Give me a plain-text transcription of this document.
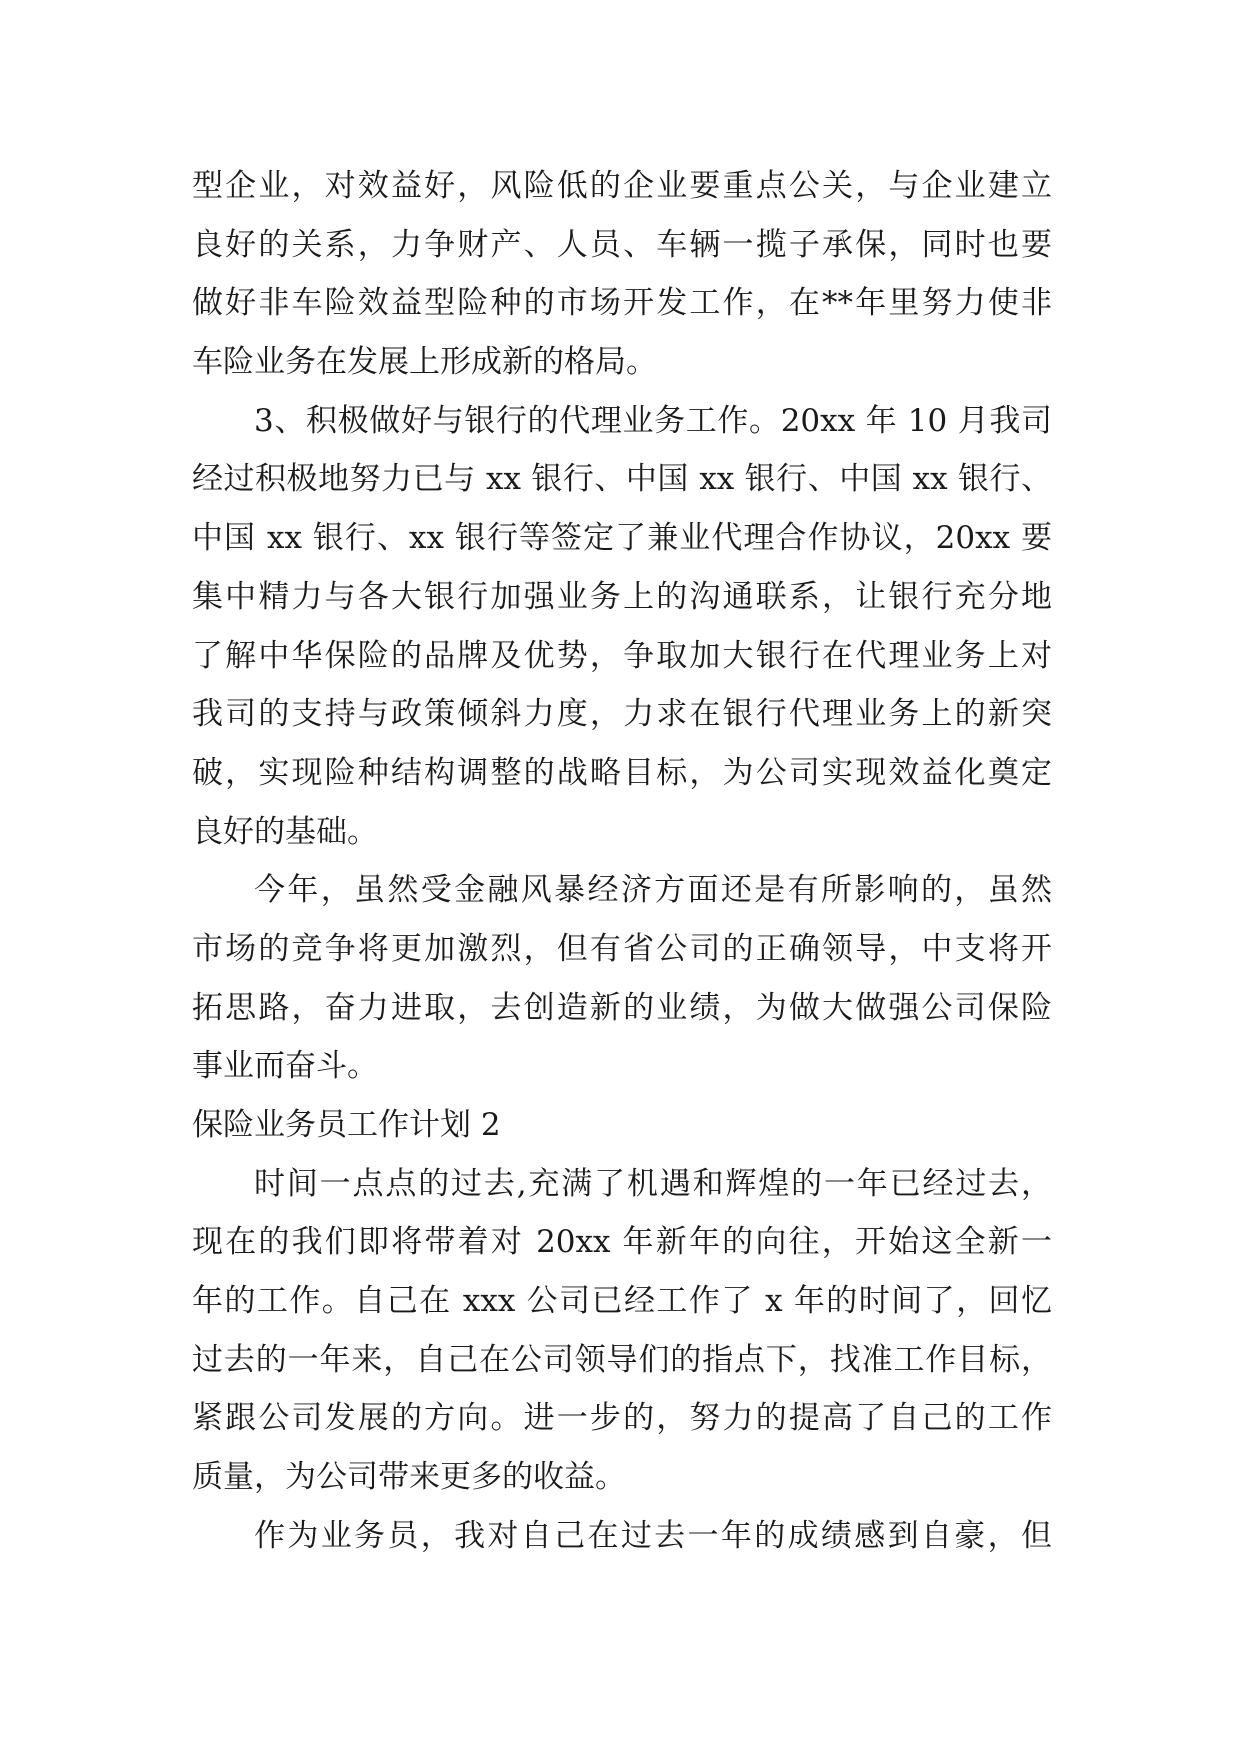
型企业，对效益好，风险低的企业要重点公关，与企业建立
良好的关系，力争财产、人员、车辆一揽子承保，同时也要
做好非车险效益型险种的市场开发工作，在**年里努力使非
车险业务在发展上形成新的格局。
3、积极做好与银行的代理业务工作。20xx 年 10 月我司
经过积极地努力已与 xx 银行、中国 xx 银行、中国 xx 银行、
中国 xx 银行、xx 银行等签定了兼业代理合作协议，20xx 要
集中精力与各大银行加强业务上的沟通联系，让银行充分地
了解中华保险的品牌及优势，争取加大银行在代理业务上对
我司的支持与政策倾斜力度，力求在银行代理业务上的新突
破，实现险种结构调整的战略目标，为公司实现效益化奠定
良好的基础。
今年，虽然受金融风暴经济方面还是有所影响的，虽然
市场的竞争将更加激烈，但有省公司的正确领导，中支将开
拓思路，奋力进取，去创造新的业绩，为做大做强公司保险
事业而奋斗。
保险业务员工作计划 2
时间一点点的过去,充满了机遇和辉煌的一年已经过去，
现在的我们即将带着对 20xx 年新年的向往，开始这全新一
年的工作。自己在 xxx 公司已经工作了 x 年的时间了，回忆
过去的一年来，自己在公司领导们的指点下，找准工作目标，
紧跟公司发展的方向。进一步的，努力的提高了自己的工作
质量，为公司带来更多的收益。
作为业务员，我对自己在过去一年的成绩感到自豪，但
